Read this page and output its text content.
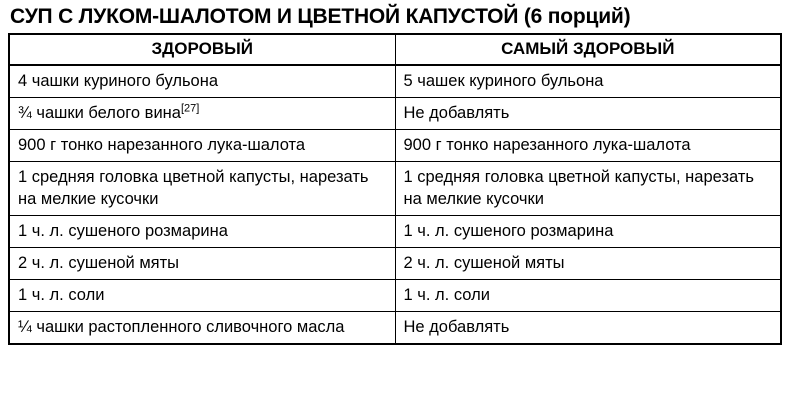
СУП С ЛУКОМ-ШАЛОТОМ И ЦВЕТНОЙ КАПУСТОЙ (6 порций)
ЗДОРОВЫЙ	САМЫЙ ЗДОРОВЫЙ
4 чашки куриного бульона	5 чашек куриного бульона
¾ чашки белого вина[27]	Не добавлять
900 г тонко нарезанного лука-шалота	900 г тонко нарезанного лука-шалота
1 средняя головка цветной капусты, нарезать на мелкие кусочки	1 средняя головка цветной капусты, нарезать на мелкие кусочки
1 ч. л. сушеного розмарина	1 ч. л. сушеного розмарина
2 ч. л. сушеной мяты	2 ч. л. сушеной мяты
1 ч. л. соли	1 ч. л. соли
¼ чашки растопленного сливочного масла	Не добавлять
